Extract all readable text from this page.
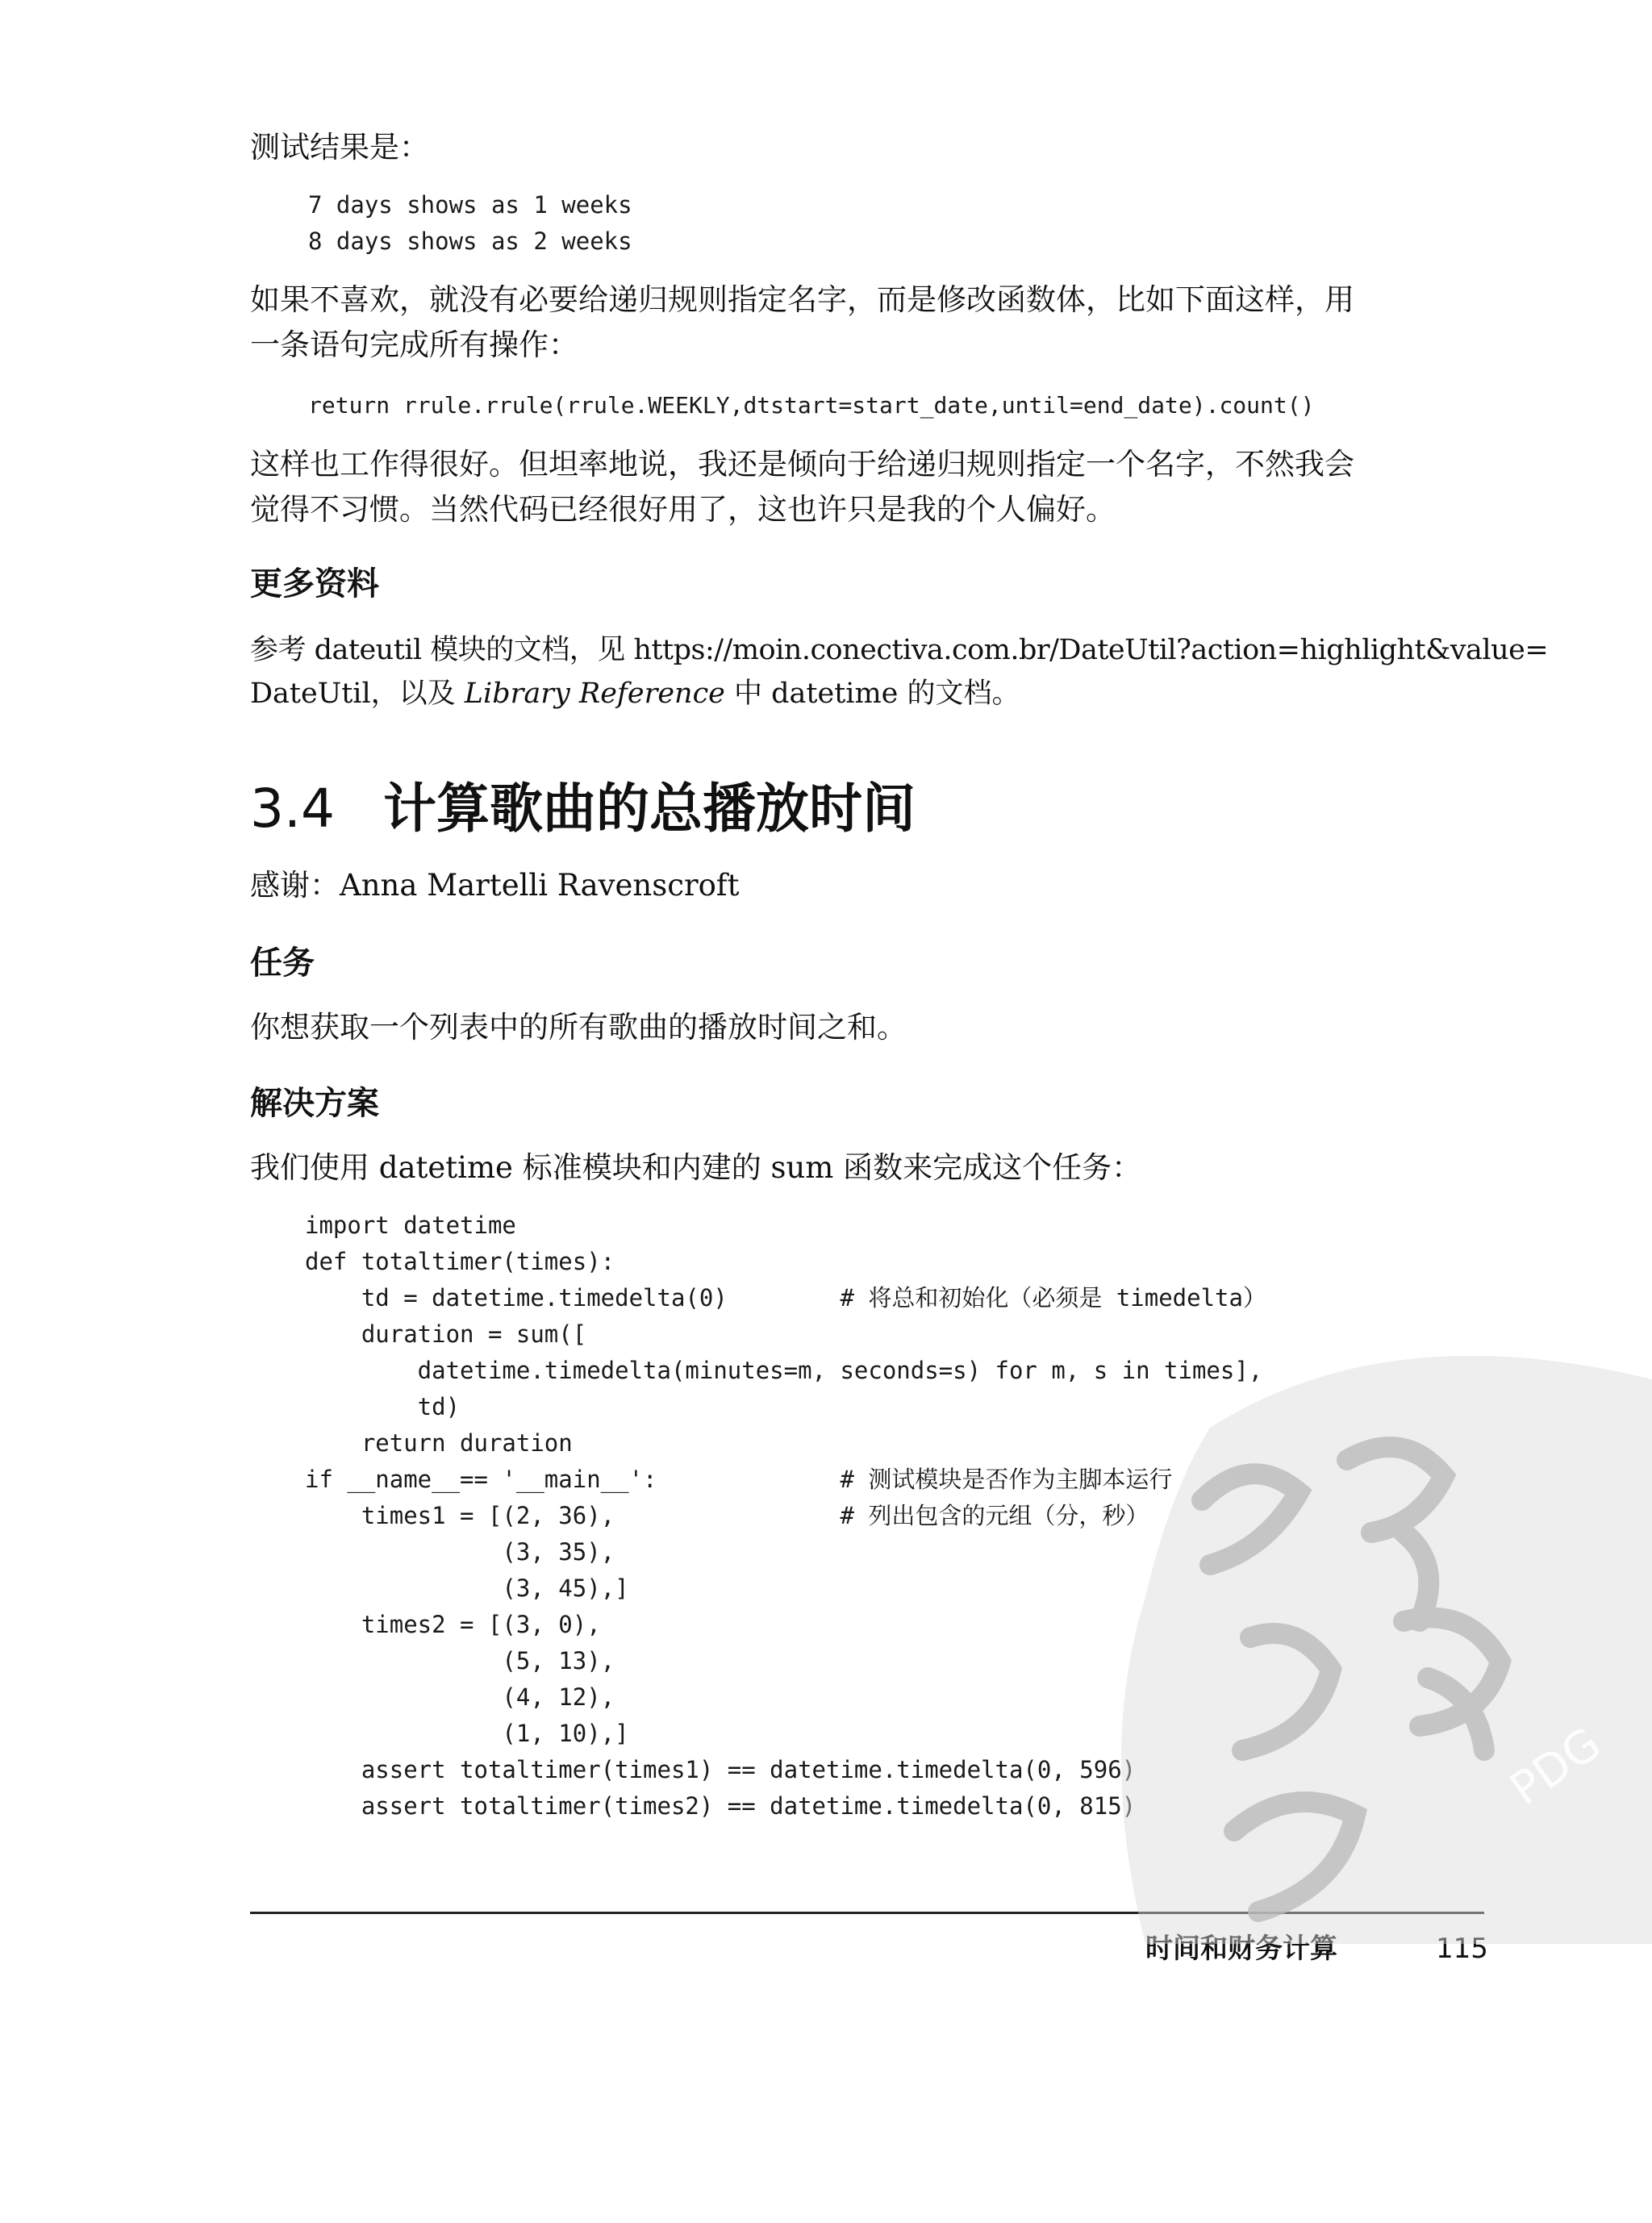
测试结果是：
7 days shows as 1 weeks
8 days shows as 2 weeks
如果不喜欢，就没有必要给递归规则指定名字，而是修改函数体，比如下面这样，用
一条语句完成所有操作：
return rrule.rrule(rrule.WEEKLY,dtstart=start_date,until=end_date).count()
这样也工作得很好。但坦率地说，我还是倾向于给递归规则指定一个名字，不然我会
觉得不习惯。当然代码已经很好用了，这也许只是我的个人偏好。
更多资料
参考 dateutil 模块的文档，见 https://moin.conectiva.com.br/DateUtil?action=highlight&value=
DateUtil，以及 Library Reference 中 datetime 的文档。
3.4 计算歌曲的总播放时间
感谢：Anna Martelli Ravenscroft
任务
你想获取一个列表中的所有歌曲的播放时间之和。
解决方案
我们使用 datetime 标准模块和内建的 sum 函数来完成这个任务：
import datetime
def totaltimer(times):
td = datetime.timedelta(0)        # 将总和初始化（必须是 timedelta）
duration = sum([
datetime.timedelta(minutes=m, seconds=s) for m, s in times],
td)
return duration
if __name__== '__main__':             # 测试模块是否作为主脚本运行
times1 = [(2, 36),                # 列出包含的元组（分，秒）
(3, 35),
(3, 45),]
times2 = [(3, 0),
(5, 13),
(4, 12),
(1, 10),]
assert totaltimer(times1) == datetime.timedelta(0, 596)
assert totaltimer(times2) == datetime.timedelta(0, 815)
时间和财务计算	115
PDG
